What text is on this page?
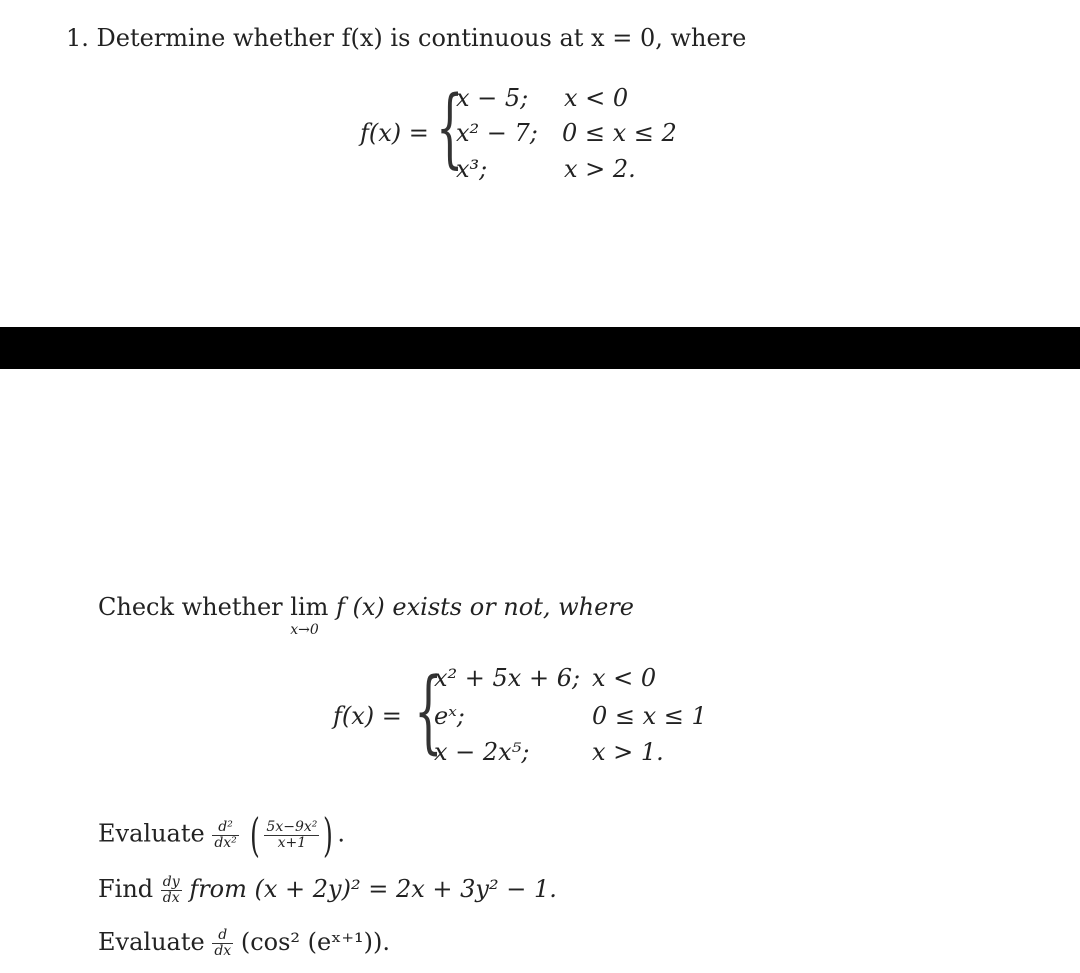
1. Determine whether f(x) is continuous at x = 0, where
f(x) = {
x − 5; x < 0
x² − 7; 0 ≤ x ≤ 2
x³;	x > 2.
Check whether lim
x→0
f (x) exists or not, where
f(x) = {
x² + 5x + 6; x < 0
eˣ;	0 ≤ x ≤ 1
x − 2x⁵;	x > 1.
Evaluate $\frac{\text{d²}}{\text{dx²}}$ ( $\frac{\text{5x−9x²}}{x+1}$ ) .
Find $\frac{dy}{dx}$ from (x + 2y)² = 2x + 3y² − 1.
Evaluate $\frac{d}{dx} (\cos^2$ (eˣ⁺¹)).
